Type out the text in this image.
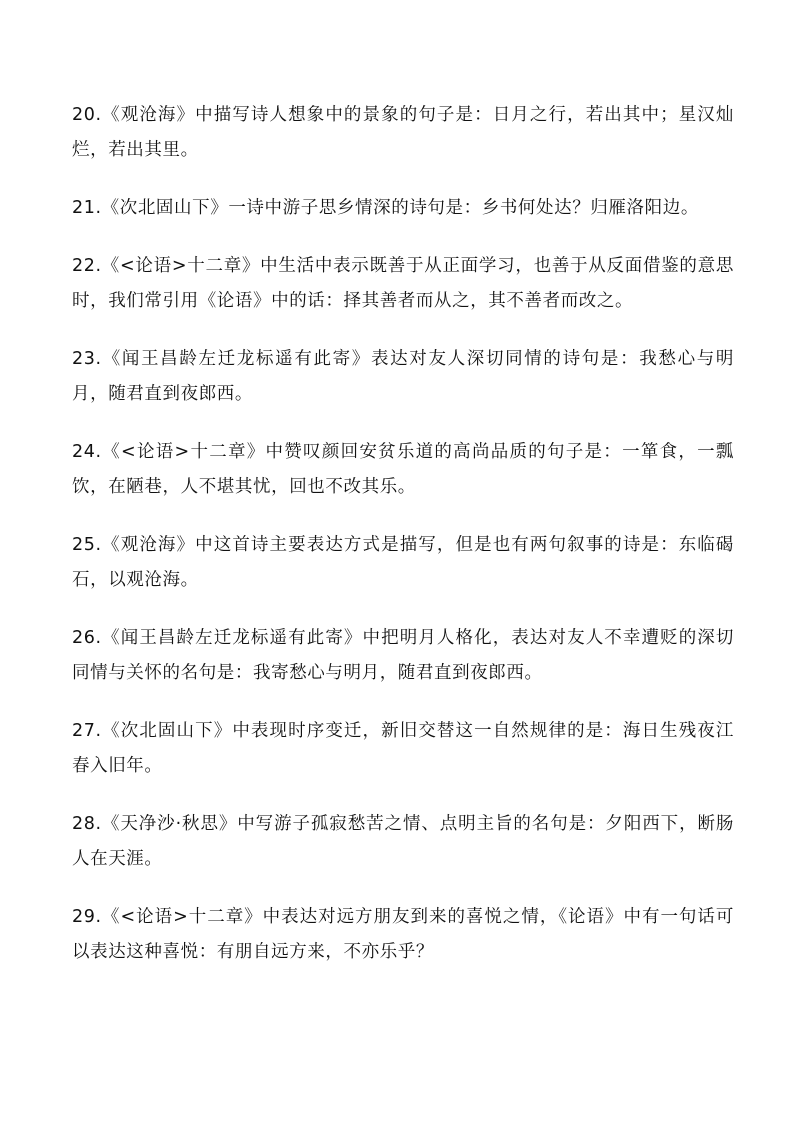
20.《观沧海》中描写诗人想象中的景象的句子是：日月之行，若出其中；星汉灿烂，若出其里。

21.《次北固山下》一诗中游子思乡情深的诗句是：乡书何处达？归雁洛阳边。

22.《<论语>十二章》中生活中表示既善于从正面学习，也善于从反面借鉴的意思时，我们常引用《论语》中的话：择其善者而从之，其不善者而改之。

23.《闻王昌龄左迁龙标遥有此寄》表达对友人深切同情的诗句是：我愁心与明月，随君直到夜郎西。

24.《<论语>十二章》中赞叹颜回安贫乐道的高尚品质的句子是：一箪食，一瓢饮，在陋巷，人不堪其忧，回也不改其乐。

25.《观沧海》中这首诗主要表达方式是描写，但是也有两句叙事的诗是：东临碣石，以观沧海。

26.《闻王昌龄左迁龙标遥有此寄》中把明月人格化，表达对友人不幸遭贬的深切同情与关怀的名句是：我寄愁心与明月，随君直到夜郎西。

27.《次北固山下》中表现时序变迁，新旧交替这一自然规律的是：海日生残夜江春入旧年。

28.《天净沙·秋思》中写游子孤寂愁苦之情、点明主旨的名句是：夕阳西下，断肠人在天涯。

29.《<论语>十二章》中表达对远方朋友到来的喜悦之情，《论语》中有一句话可以表达这种喜悦：有朋自远方来，不亦乐乎？
